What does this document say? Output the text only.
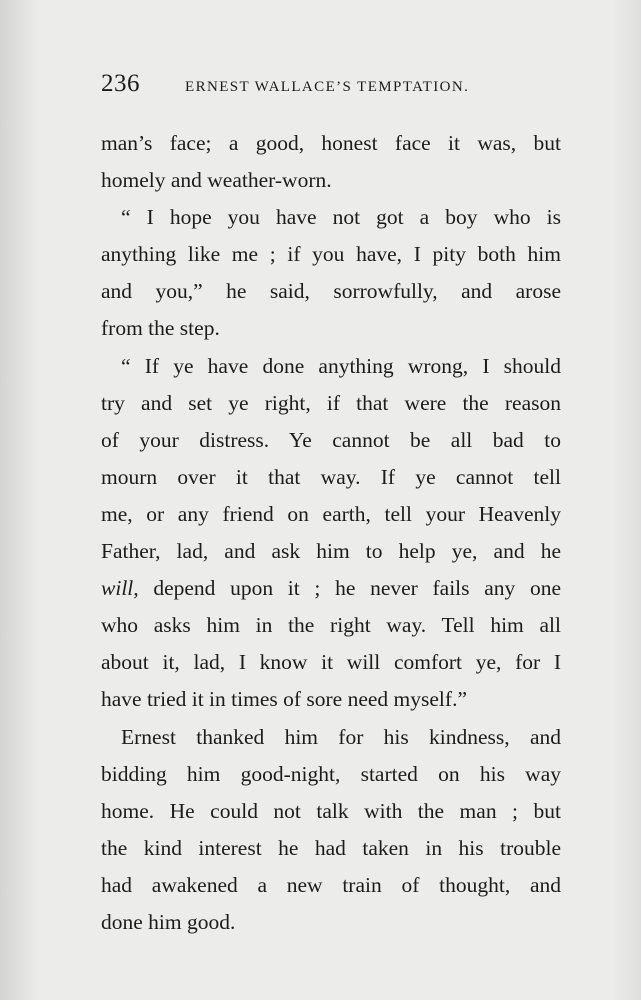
236	ERNEST WALLACE’S TEMPTATION.
man’s face; a good, honest face it was, but
homely and weather-worn.
“ I hope you have not got a boy who is
anything like me ; if you have, I pity both him
and you,” he said, sorrowfully, and arose
from the step.
“ If ye have done anything wrong, I should
try and set ye right, if that were the reason
of your distress. Ye cannot be all bad to
mourn over it that way. If ye cannot tell
me, or any friend on earth, tell your Heavenly
Father, lad, and ask him to help ye, and he
will, depend upon it ; he never fails any one
who asks him in the right way. Tell him all
about it, lad, I know it will comfort ye, for I
have tried it in times of sore need myself.”
Ernest thanked him for his kindness, and
bidding him good-night, started on his way
home. He could not talk with the man ; but
the kind interest he had taken in his trouble
had awakened a new train of thought, and
done him good.
